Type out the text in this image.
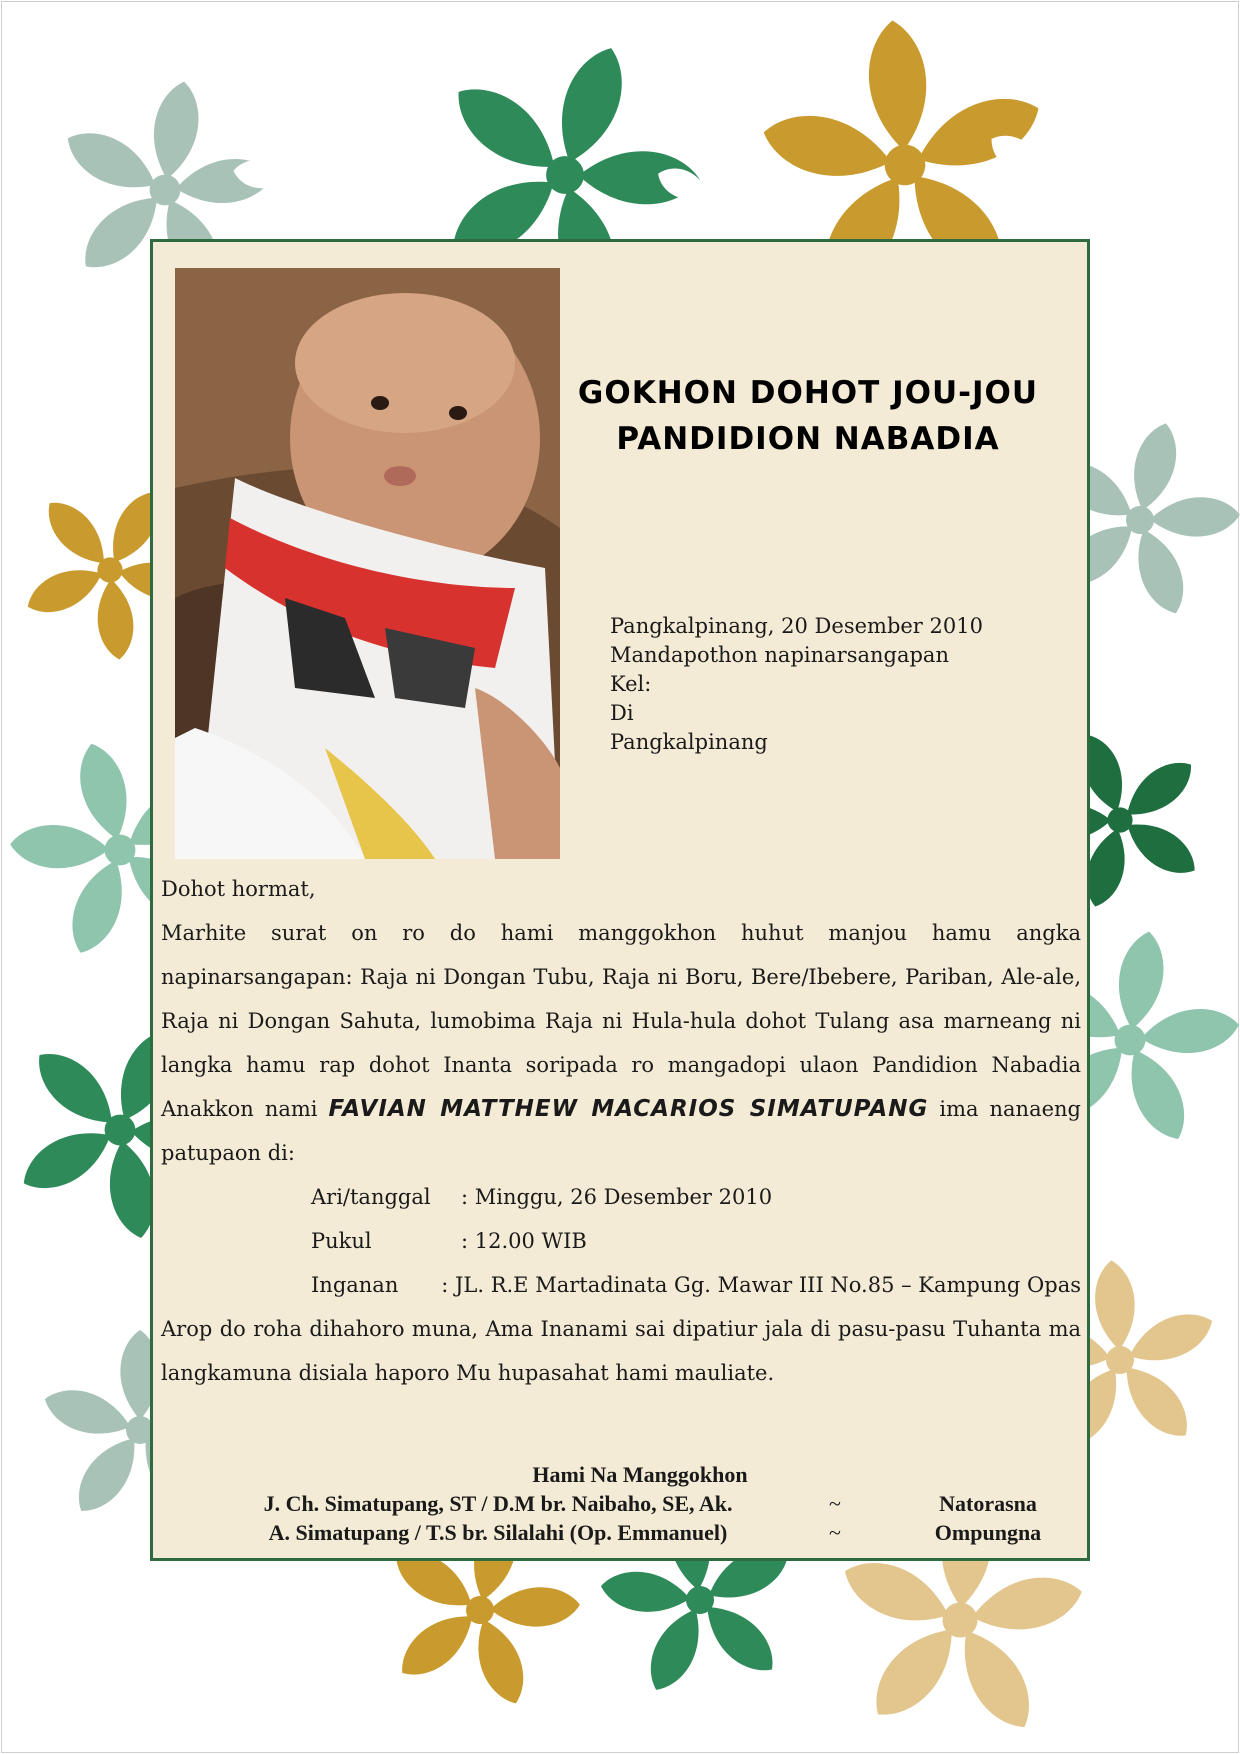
GOKHON DOHOT JOU-JOU
PANDIDION NABADIA
Pangkalpinang, 20 Desember 2010
Mandapothon napinarsangapan
Kel:
Di
Pangkalpinang
Dohot hormat,
Marhite surat on ro do hami manggokhon huhut manjou hamu angka
napinarsangapan: Raja ni Dongan Tubu, Raja ni Boru, Bere/Ibebere, Pariban, Ale-ale,
Raja ni Dongan Sahuta, lumobima Raja ni Hula-hula dohot Tulang asa marneang ni
langka hamu rap dohot Inanta soripada ro mangadopi ulaon Pandidion Nabadia
Anakkon nami FAVIAN MATTHEW MACARIOS SIMATUPANG ima nanaeng
patupaon di:
Ari/tanggal	: Minggu, 26 Desember 2010
Pukul	: 12.00 WIB
Inganan	: JL. R.E Martadinata Gg. Mawar III No.85 – Kampung Opas
Arop do roha dihahoro muna, Ama Inanami sai dipatiur jala di pasu-pasu Tuhanta ma
langkamuna disiala hароro Mu hupasahat hami mauliate.
Hami Na Manggokhon
J. Ch. Simatupang, ST / D.M br. Naibaho, SE, Ak.	~	Natorasna
A. Simatupang / T.S br. Silalahi (Op. Emmanuel)	~	Ompungna
